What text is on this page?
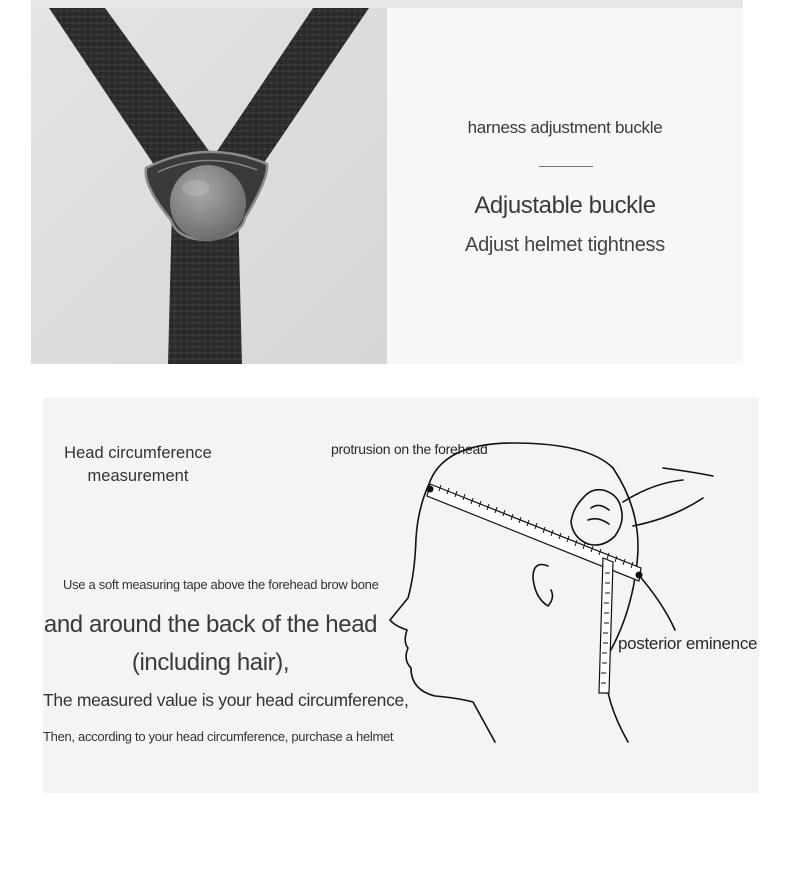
harness adjustment buckle
Adjustable buckle
Adjust helmet tightness
Head circumference
measurement
protrusion on the forehead
posterior eminence
Use a soft measuring tape above the forehead brow bone
and around the back of the head
(including hair),
The measured value is your head circumference,
Then, according to your head circumference, purchase a helmet
